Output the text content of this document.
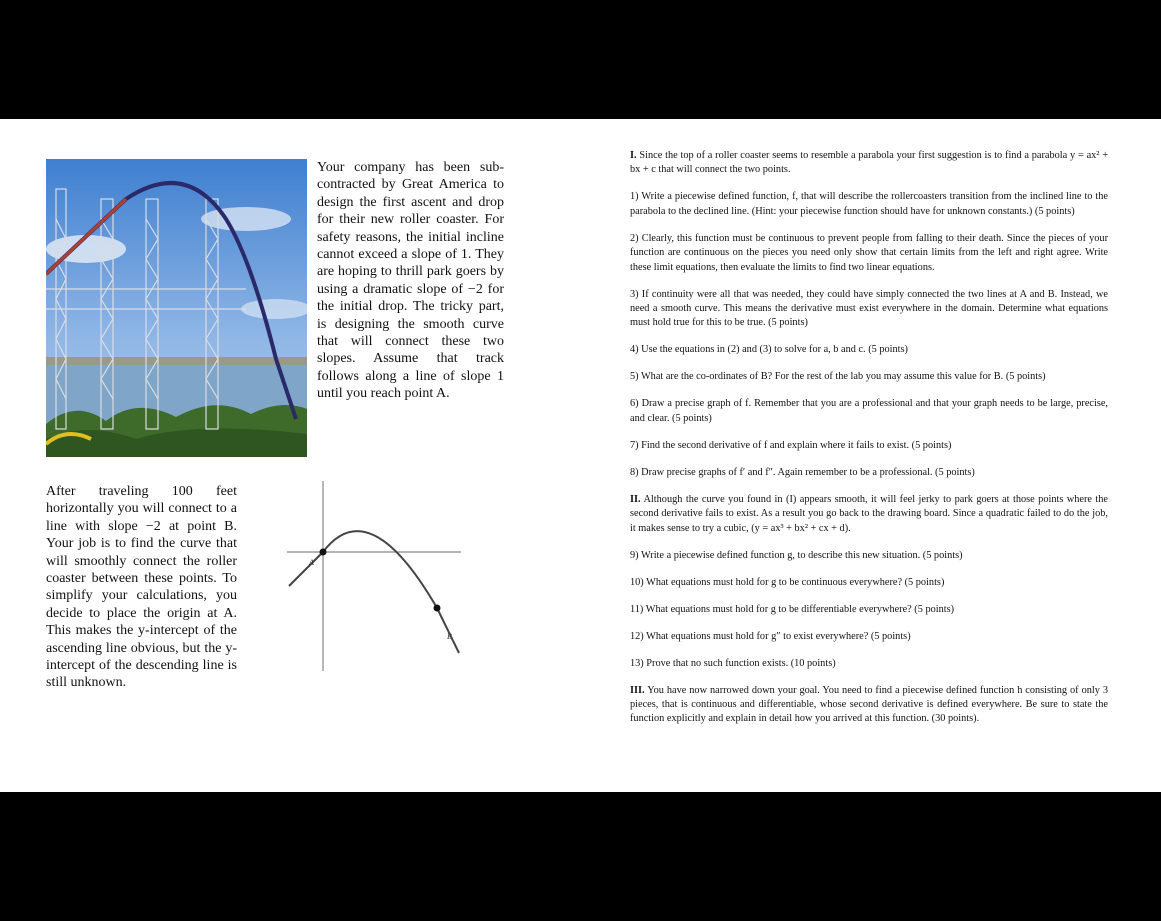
Your company has been sub-contracted by Great America to design the first ascent and drop for their new roller coaster. For safety reasons, the initial incline cannot exceed a slope of 1. They are hoping to thrill park goers by using a dramatic slope of −2 for the initial drop. The tricky part, is designing the smooth curve that will connect these two slopes. Assume that track follows along a line of slope 1 until you reach point A.
After traveling 100 feet horizontally you will connect to a line with slope −2 at point B. Your job is to find the curve that will smoothly connect the roller coaster between these points. To simplify your calculations, you decide to place the origin at A. This makes the y-intercept of the ascending line obvious, but the y-intercept of the descending line is still unknown.
A
B

I. Since the top of a roller coaster seems to resemble a parabola your first suggestion is to find a parabola y = ax² + bx + c that will connect the two points.

1) Write a piecewise defined function, f, that will describe the rollercoasters transition from the inclined line to the parabola to the declined line. (Hint: your piecewise function should have for unknown constants.) (5 points)

2) Clearly, this function must be continuous to prevent people from falling to their death. Since the pieces of your function are continuous on the pieces you need only show that certain limits from the left and right agree. Write these limit equations, then evaluate the limits to find two linear equations.

3) If continuity were all that was needed, they could have simply connected the two lines at A and B. Instead, we need a smooth curve. This means the derivative must exist everywhere in the domain. Determine what equations must hold true for this to be true. (5 points)

4) Use the equations in (2) and (3) to solve for a, b and c. (5 points)

5) What are the co-ordinates of B? For the rest of the lab you may assume this value for B. (5 points)

6) Draw a precise graph of f. Remember that you are a professional and that your graph needs to be large, precise, and clear. (5 points)

7) Find the second derivative of f and explain where it fails to exist. (5 points)

8) Draw precise graphs of f′ and f″. Again remember to be a professional. (5 points)

II. Although the curve you found in (I) appears smooth, it will feel jerky to park goers at those points where the second derivative fails to exist. As a result you go back to the drawing board. Since a quadratic failed to do the job, it makes sense to try a cubic, (y = ax³ + bx² + cx + d).

9) Write a piecewise defined function g, to describe this new situation. (5 points)

10) What equations must hold for g to be continuous everywhere? (5 points)

11) What equations must hold for g to be differentiable everywhere? (5 points)

12) What equations must hold for g″ to exist everywhere? (5 points)

13) Prove that no such function exists. (10 points)

III. You have now narrowed down your goal. You need to find a piecewise defined function h consisting of only 3 pieces, that is continuous and differentiable, whose second derivative is defined everywhere. Be sure to state the function explicitly and explain in detail how you arrived at this function. (30 points).
